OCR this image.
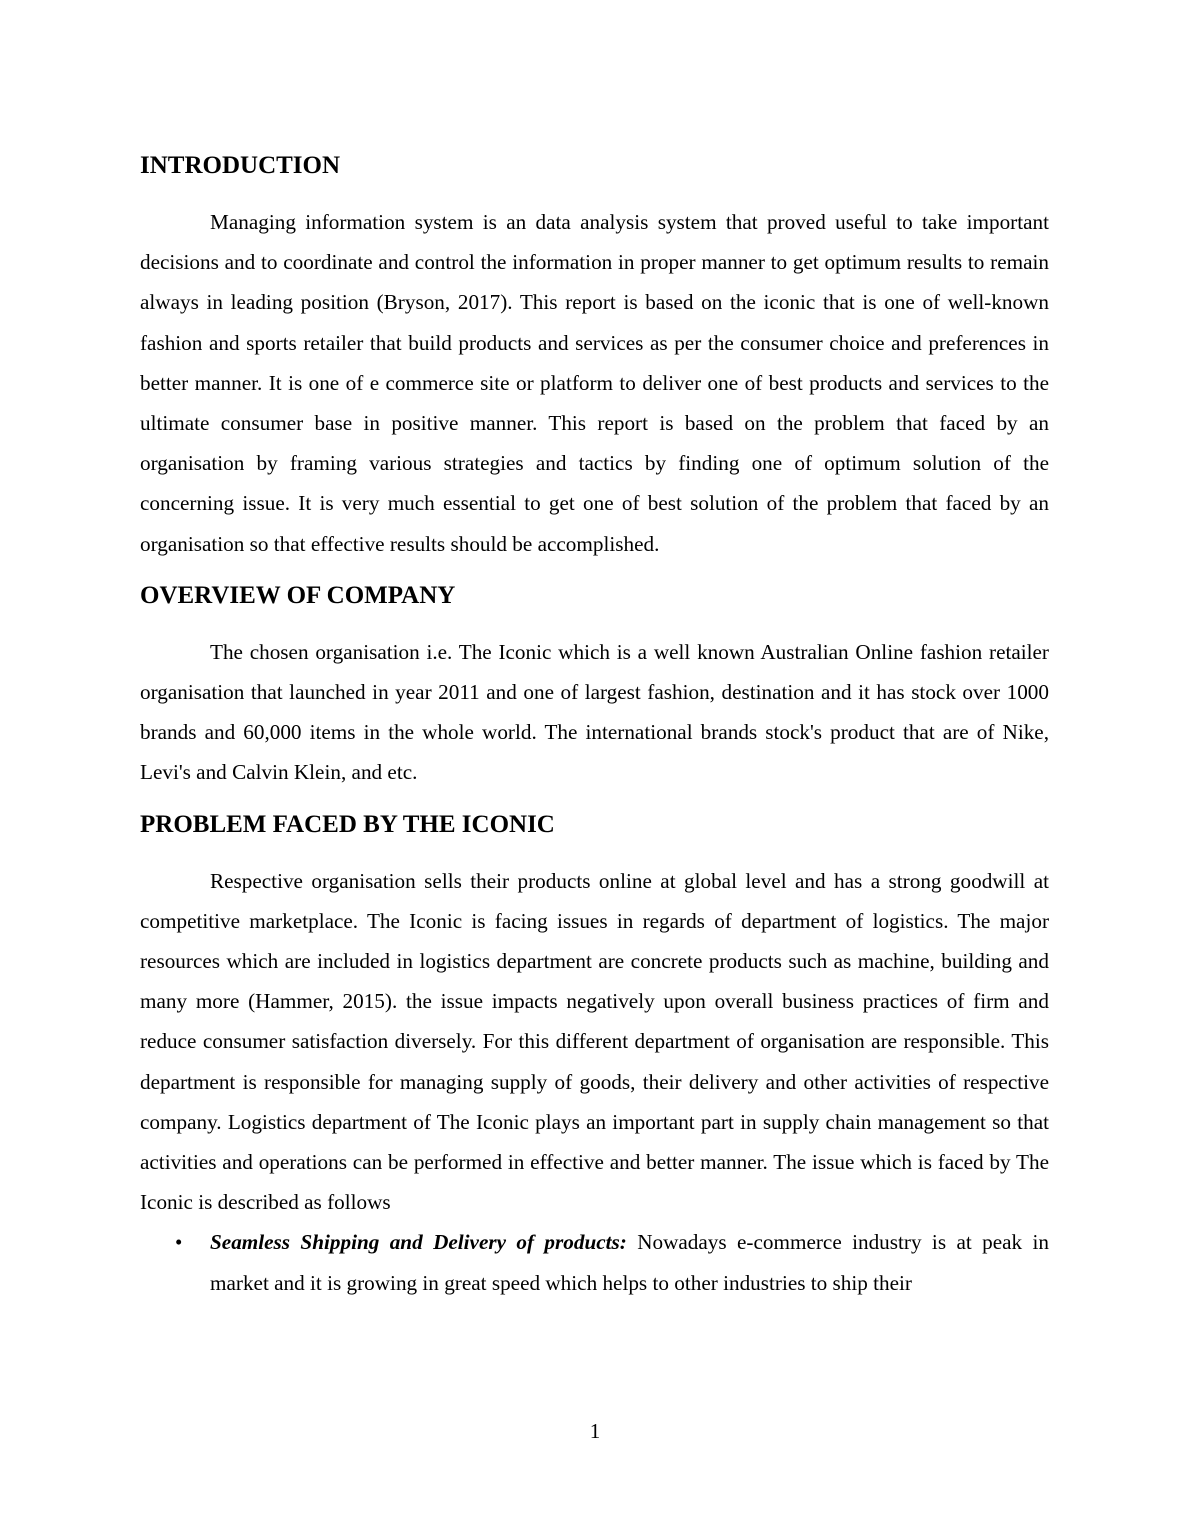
INTRODUCTION

Managing information system is an data analysis system that proved useful to take important decisions and to coordinate and control the information in proper manner to get optimum results to remain always in leading position (Bryson, 2017). This report is based on the iconic that is one of well-known fashion and sports retailer that build products and services as per the consumer choice and preferences in better manner. It is one of e commerce site or platform to deliver one of best products and services to the ultimate consumer base in positive manner. This report is based on the problem that faced by an organisation by framing various strategies and tactics by finding one of optimum solution of the concerning issue. It is very much essential to get one of best solution of the problem that faced by an organisation so that effective results should be accomplished.

OVERVIEW OF COMPANY

The chosen organisation i.e. The Iconic which is a well known Australian Online fashion retailer organisation that launched in year 2011 and one of largest fashion, destination and it has stock over 1000 brands and 60,000 items in the whole world. The international brands stock's product that are of Nike, Levi's and Calvin Klein, and etc.

PROBLEM FACED BY THE ICONIC

Respective organisation sells their products online at global level and has a strong goodwill at competitive marketplace. The Iconic is facing issues in regards of department of logistics. The major resources which are included in logistics department are concrete products such as machine, building and many more (Hammer, 2015). the issue impacts negatively upon overall business practices of firm and reduce consumer satisfaction diversely. For this different department of organisation are responsible. This department is responsible for managing supply of goods, their delivery and other activities of respective company. Logistics department of The Iconic plays an important part in supply chain management so that activities and operations can be performed in effective and better manner. The issue which is faced by The Iconic is described as follows

• Seamless Shipping and Delivery of products: Nowadays e-commerce industry is at peak in market and it is growing in great speed which helps to other industries to ship their
1
